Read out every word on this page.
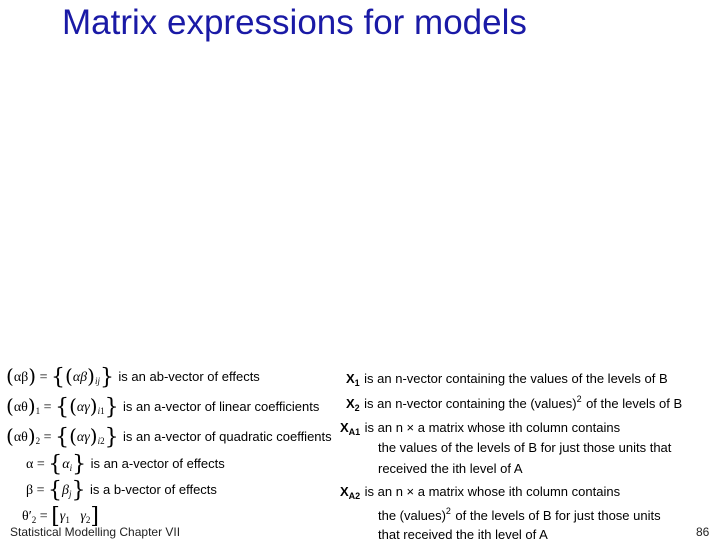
Matrix expressions for models
$(\alpha\beta) = \{(\alpha\beta)_{ij}\}$ is an ab-vector of effects
$(\alpha\theta)_1 = \{(\alpha\gamma)_{i1}\}$ is an a-vector of linear coefficients
$(\alpha\theta)_2 = \{(\alpha\gamma)_{i2}\}$ is an a-vector of quadratic coeffients
$\alpha = \{\alpha_i\}$ is an a-vector of effects
$\beta = \{\beta_j\}$ is a b-vector of effects
$\theta'_2 = [\gamma_1$ $\gamma_2$]
$X_1$ is an n-vector containing the values of the levels of B
$X_2$ is an n-vector containing the (values)$^2$ of the levels of B
$X_{A1}$ is an n × a matrix whose ith column contains
the values of the levels of B for just those units that
received the ith level of A
$X_{A2}$ is an n × a matrix whose ith column contains
the (values)$^2$ of the levels of B for just those units
that received the ith level of A
Statistical Modelling Chapter VII	86
